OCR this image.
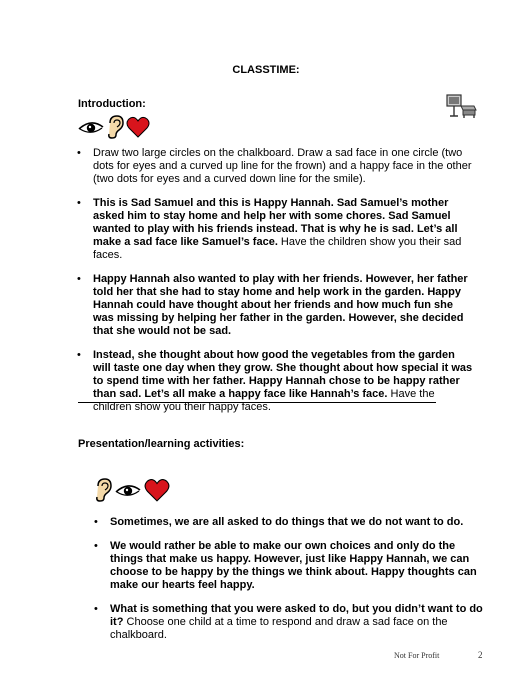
CLASSTIME:
Introduction:
• Draw two large circles on the chalkboard. Draw a sad face in one circle (two dots for eyes and a curved up line for the frown) and a happy face in the other (two dots for eyes and a curved down line for the smile).
• This is Sad Samuel and this is Happy Hannah. Sad Samuel’s mother asked him to stay home and help her with some chores. Sad Samuel wanted to play with his friends instead. That is why he is sad. Let’s all make a sad face like Samuel’s face. Have the children show you their sad faces.
• Happy Hannah also wanted to play with her friends. However, her father told her that she had to stay home and help work in the garden. Happy Hannah could have thought about her friends and how much fun she was missing by helping her father in the garden. However, she decided that she would not be sad.
• Instead, she thought about how good the vegetables from the garden will taste one day when they grow. She thought about how special it was to spend time with her father. Happy Hannah chose to be happy rather than sad. Let’s all make a happy face like Hannah’s face. Have the children show you their happy faces.
Presentation/learning activities:
• Sometimes, we are all asked to do things that we do not want to do.
• We would rather be able to make our own choices and only do the things that make us happy. However, just like Happy Hannah, we can choose to be happy by the things we think about. Happy thoughts can make our hearts feel happy.
• What is something that you were asked to do, but you didn’t want to do it? Choose one child at a time to respond and draw a sad face on the chalkboard.
Not For Profit	2
